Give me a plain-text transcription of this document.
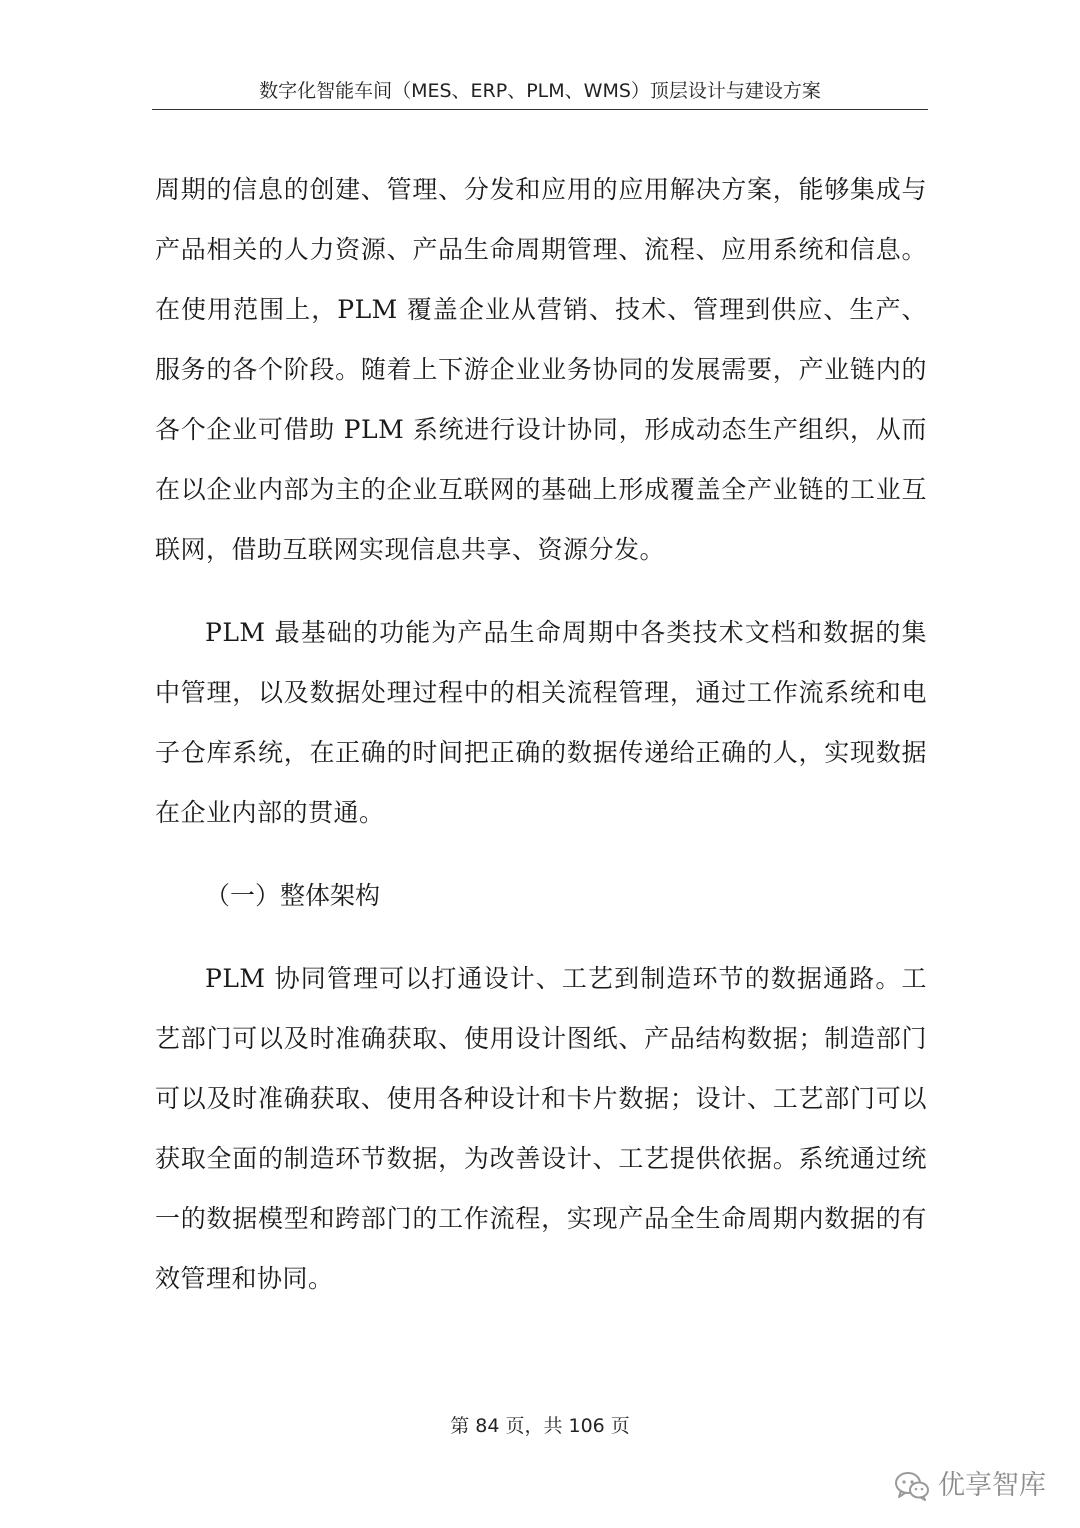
数字化智能车间（MES、ERP、PLM、WMS）顶层设计与建设方案

周期的信息的创建、管理、分发和应用的应用解决方案，能够集成与产品相关的人力资源、产品生命周期管理、流程、应用系统和信息。在使用范围上，PLM 覆盖企业从营销、技术、管理到供应、生产、服务的各个阶段。随着上下游企业业务协同的发展需要，产业链内的各个企业可借助 PLM 系统进行设计协同，形成动态生产组织，从而在以企业内部为主的企业互联网的基础上形成覆盖全产业链的工业互联网，借助互联网实现信息共享、资源分发。

PLM 最基础的功能为产品生命周期中各类技术文档和数据的集中管理，以及数据处理过程中的相关流程管理，通过工作流系统和电子仓库系统，在正确的时间把正确的数据传递给正确的人，实现数据在企业内部的贯通。

（一）整体架构

PLM 协同管理可以打通设计、工艺到制造环节的数据通路。工艺部门可以及时准确获取、使用设计图纸、产品结构数据；制造部门可以及时准确获取、使用各种设计和卡片数据；设计、工艺部门可以获取全面的制造环节数据，为改善设计、工艺提供依据。系统通过统一的数据模型和跨部门的工作流程，实现产品全生命周期内数据的有效管理和协同。

第 84 页，共 106 页
优享智库
